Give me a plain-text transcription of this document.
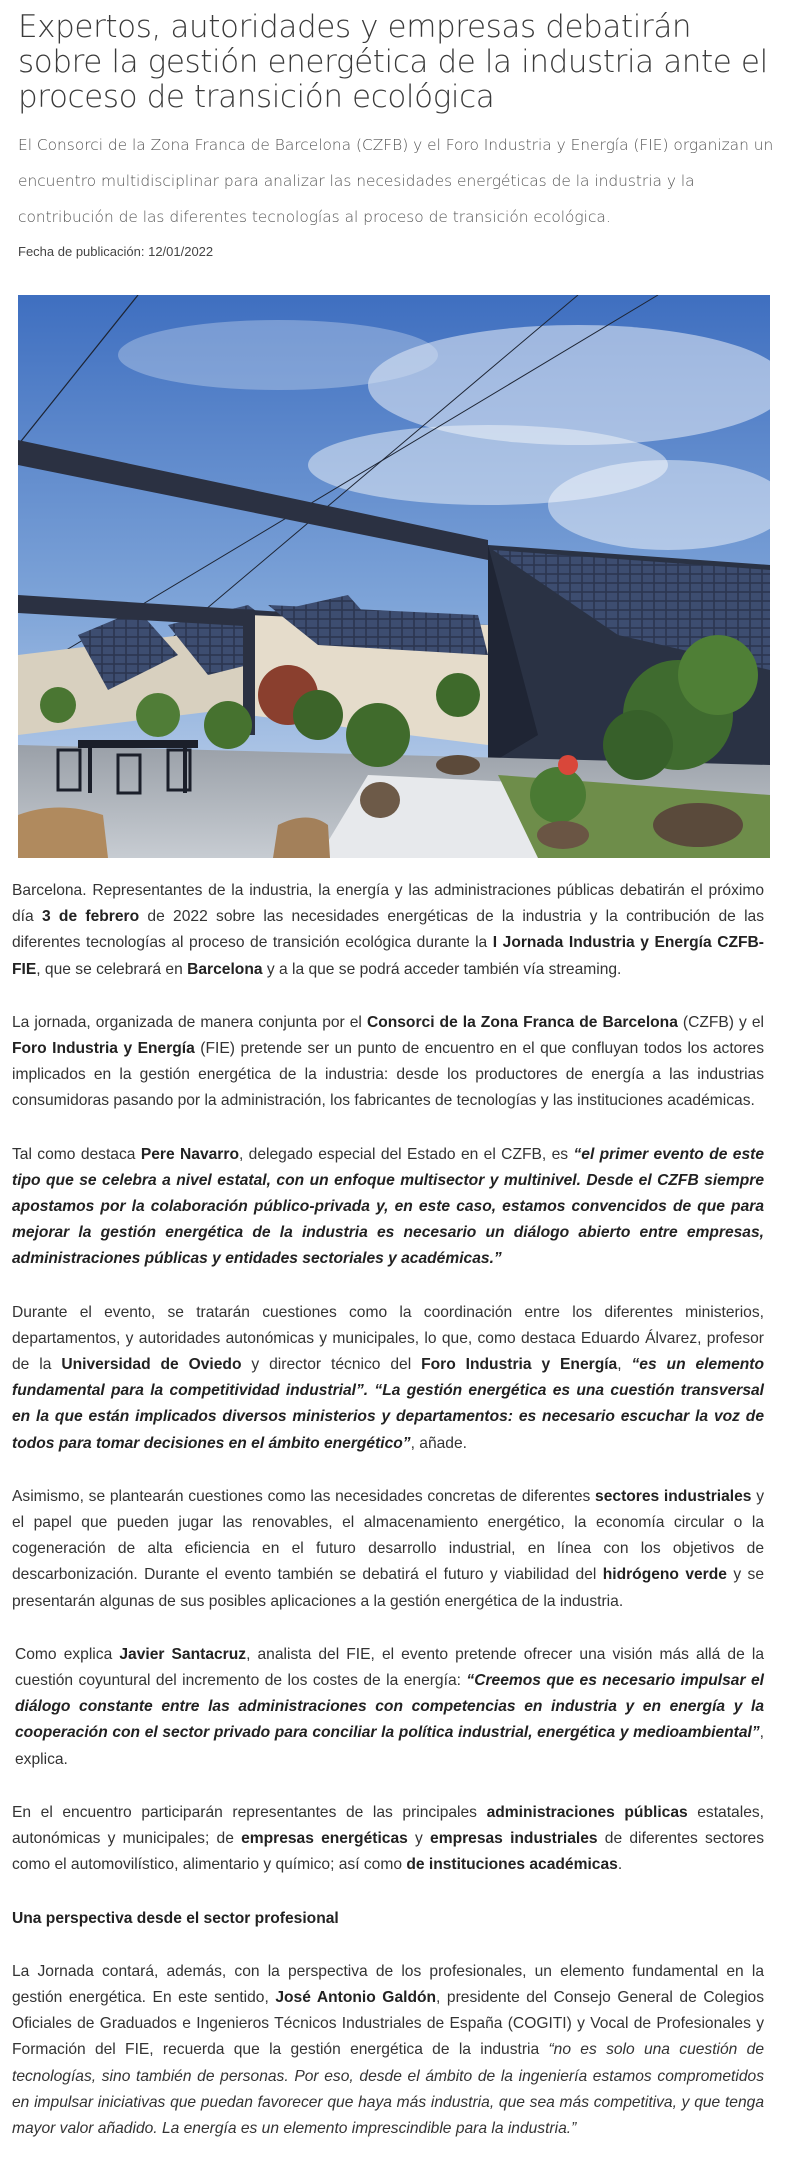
Expertos, autoridades y empresas debatirán sobre la gestión energética de la industria ante el proceso de transición ecológica

El Consorci de la Zona Franca de Barcelona (CZFB) y el Foro Industria y Energía (FIE) organizan un encuentro multidisciplinar para analizar las necesidades energéticas de la industria y la contribución de las diferentes tecnologías al proceso de transición ecológica.

Fecha de publicación: 12/01/2022

Barcelona. Representantes de la industria, la energía y las administraciones públicas debatirán el próximo día 3 de febrero de 2022 sobre las necesidades energéticas de la industria y la contribución de las diferentes tecnologías al proceso de transición ecológica durante la I Jornada Industria y Energía CZFB-FIE, que se celebrará en Barcelona y a la que se podrá acceder también vía streaming.

La jornada, organizada de manera conjunta por el Consorci de la Zona Franca de Barcelona (CZFB) y el Foro Industria y Energía (FIE) pretende ser un punto de encuentro en el que confluyan todos los actores implicados en la gestión energética de la industria: desde los productores de energía a las industrias consumidoras pasando por la administración, los fabricantes de tecnologías y las instituciones académicas.

Tal como destaca Pere Navarro, delegado especial del Estado en el CZFB, es “el primer evento de este tipo que se celebra a nivel estatal, con un enfoque multisector y multinivel. Desde el CZFB siempre apostamos por la colaboración público-privada y, en este caso, estamos convencidos de que para mejorar la gestión energética de la industria es necesario un diálogo abierto entre empresas, administraciones públicas y entidades sectoriales y académicas.”

Durante el evento, se tratarán cuestiones como la coordinación entre los diferentes ministerios, departamentos, y autoridades autonómicas y municipales, lo que, como destaca Eduardo Álvarez, profesor de la Universidad de Oviedo y director técnico del Foro Industria y Energía, “es un elemento fundamental para la competitividad industrial”. “La gestión energética es una cuestión transversal en la que están implicados diversos ministerios y departamentos: es necesario escuchar la voz de todos para tomar decisiones en el ámbito energético”, añade.

Asimismo, se plantearán cuestiones como las necesidades concretas de diferentes sectores industriales y el papel que pueden jugar las renovables, el almacenamiento energético, la economía circular o la cogeneración de alta eficiencia en el futuro desarrollo industrial, en línea con los objetivos de descarbonización. Durante el evento también se debatirá el futuro y viabilidad del hidrógeno verde y se presentarán algunas de sus posibles aplicaciones a la gestión energética de la industria.

Como explica Javier Santacruz, analista del FIE, el evento pretende ofrecer una visión más allá de la cuestión coyuntural del incremento de los costes de la energía: “Creemos que es necesario impulsar el diálogo constante entre las administraciones con competencias en industria y en energía y la cooperación con el sector privado para conciliar la política industrial, energética y medioambiental”, explica.

En el encuentro participarán representantes de las principales administraciones públicas estatales, autonómicas y municipales; de empresas energéticas y empresas industriales de diferentes sectores como el automovilístico, alimentario y químico; así como de instituciones académicas.

Una perspectiva desde el sector profesional

La Jornada contará, además, con la perspectiva de los profesionales, un elemento fundamental en la gestión energética. En este sentido, José Antonio Galdón, presidente del Consejo General de Colegios Oficiales de Graduados e Ingenieros Técnicos Industriales de España (COGITI) y Vocal de Profesionales y Formación del FIE, recuerda que la gestión energética de la industria “no es solo una cuestión de tecnologías, sino también de personas. Por eso, desde el ámbito de la ingeniería estamos comprometidos en impulsar iniciativas que puedan favorecer que haya más industria, que sea más competitiva, y que tenga mayor valor añadido. La energía es un elemento imprescindible para la industria.”
